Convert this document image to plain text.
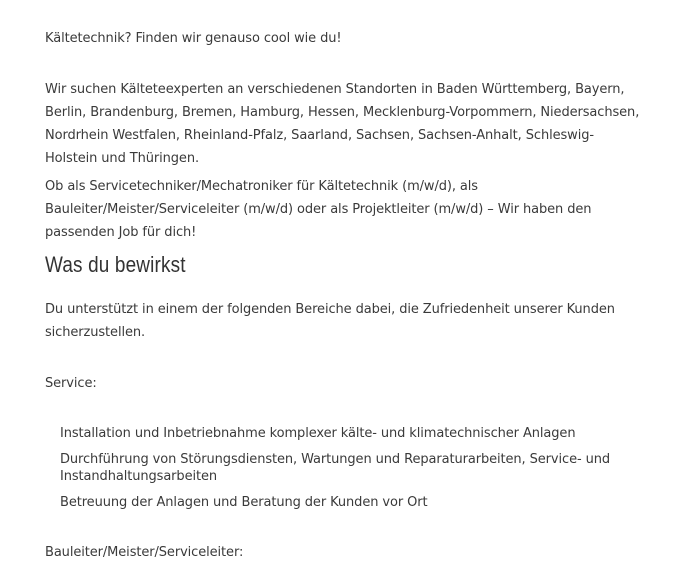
Kältetechnik? Finden wir genauso cool wie du!

Wir suchen Kälteteexperten an verschiedenen Standorten in Baden Württemberg, Bayern, Berlin, Brandenburg, Bremen, Hamburg, Hessen, Mecklenburg-Vorpommern, Niedersachsen, Nordrhein Westfalen, Rheinland-Pfalz, Saarland, Sachsen, Sachsen-Anhalt, Schleswig-Holstein und Thüringen.

Ob als Servicetechniker/Mechatroniker für Kältetechnik (m/w/d), als Bauleiter/Meister/Serviceleiter (m/w/d) oder als Projektleiter (m/w/d) – Wir haben den passenden Job für dich!

Was du bewirkst

Du unterstützt in einem der folgenden Bereiche dabei, die Zufriedenheit unserer Kunden sicherzustellen.

Service:

Installation und Inbetriebnahme komplexer kälte- und klimatechnischer Anlagen
Durchführung von Störungsdiensten, Wartungen und Reparaturarbeiten, Service- und Instandhaltungsarbeiten
Betreuung der Anlagen und Beratung der Kunden vor Ort

Bauleiter/Meister/Serviceleiter:
